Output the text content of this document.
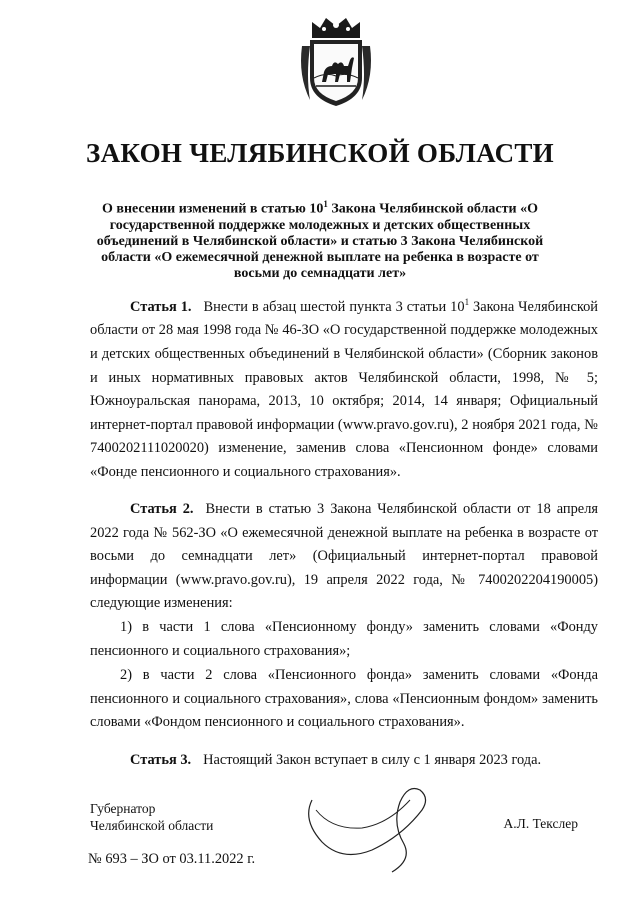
ЗАКОН ЧЕЛЯБИНСКОЙ ОБЛАСТИ
О внесении изменений в статью $10^1$ Закона Челябинской области «О государственной поддержке молодежных и детских общественных объединений в Челябинской области» и статью 3 Закона Челябинской области «О ежемесячной денежной выплате на ребенка в возрасте от восьми до семнадцати лет»
Статья 1. Внести в абзац шестой пункта 3 статьи $10^1$ Закона Челябинской области от 28 мая 1998 года № 46-ЗО «О государственной поддержке молодежных и детских общественных объединений в Челябинской области» (Сборник законов и иных нормативных правовых актов Челябинской области, 1998, № 5; Южноуральская панорама, 2013, 10 октября; 2014, 14 января; Официальный интернет-портал правовой информации (www.pravo.gov.ru), 2 ноября 2021 года, № 7400202111020020) изменение, заменив слова «Пенсионном фонде» словами «Фонде пенсионного и социального страхования».
Статья 2. Внести в статью 3 Закона Челябинской области от 18 апреля 2022 года № 562-ЗО «О ежемесячной денежной выплате на ребенка в возрасте от восьми до семнадцати лет» (Официальный интернет-портал правовой информации (www.pravo.gov.ru), 19 апреля 2022 года, № 7400202204190005) следующие изменения:
1) в части 1 слова «Пенсионному фонду» заменить словами «Фонду пенсионного и социального страхования»;
2) в части 2 слова «Пенсионного фонда» заменить словами «Фонда пенсионного и социального страхования», слова «Пенсионным фондом» заменить словами «Фондом пенсионного и социального страхования».
Статья 3. Настоящий Закон вступает в силу с 1 января 2023 года.
Губернатор
Челябинской области	А.Л. Текслер
№ 693 – ЗО от 03.11.2022 г.
